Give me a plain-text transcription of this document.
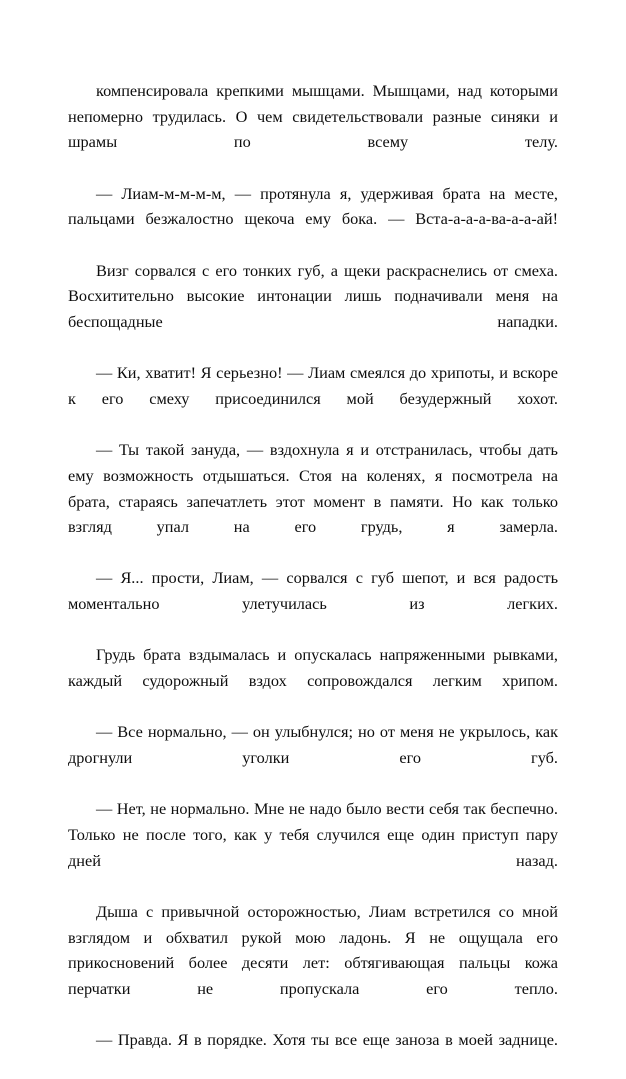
компенсировала крепкими мышцами. Мышцами, над которыми непомерно трудилась. О чем свидетельствовали разные синяки и шрамы по всему телу.

— Лиам-м-м-м-м, — протянула я, удерживая брата на месте, пальцами безжалостно щекоча ему бока. — Вста-а-а-а-ва-а-а-ай!

Визг сорвался с его тонких губ, а щеки раскраснелись от смеха. Восхитительно высокие интонации лишь подначивали меня на беспощадные нападки.

— Ки, хватит! Я серьезно! — Лиам смеялся до хрипоты, и вскоре к его смеху присоединился мой безудержный хохот.

— Ты такой зануда, — вздохнула я и отстранилась, чтобы дать ему возможность отдышаться. Стоя на коленях, я посмотрела на брата, стараясь запечатлеть этот момент в памяти. Но как только взгляд упал на его грудь, я замерла.

— Я... прости, Лиам, — сорвался с губ шепот, и вся радость моментально улетучилась из легких.

Грудь брата вздымалась и опускалась напряженными рывками, каждый судорожный вздох сопровождался легким хрипом.

— Все нормально, — он улыбнулся; но от меня не укрылось, как дрогнули уголки его губ.

— Нет, не нормально. Мне не надо было вести себя так беспечно. Только не после того, как у тебя случился еще один приступ пару дней назад.

Дыша с привычной осторожностью, Лиам встретился со мной взглядом и обхватил рукой мою ладонь. Я не ощущала его прикосновений более десяти лет: обтягивающая пальцы кожа перчатки не пропускала его тепло.

— Правда. Я в порядке. Хотя ты все еще заноза в моей заднице.
